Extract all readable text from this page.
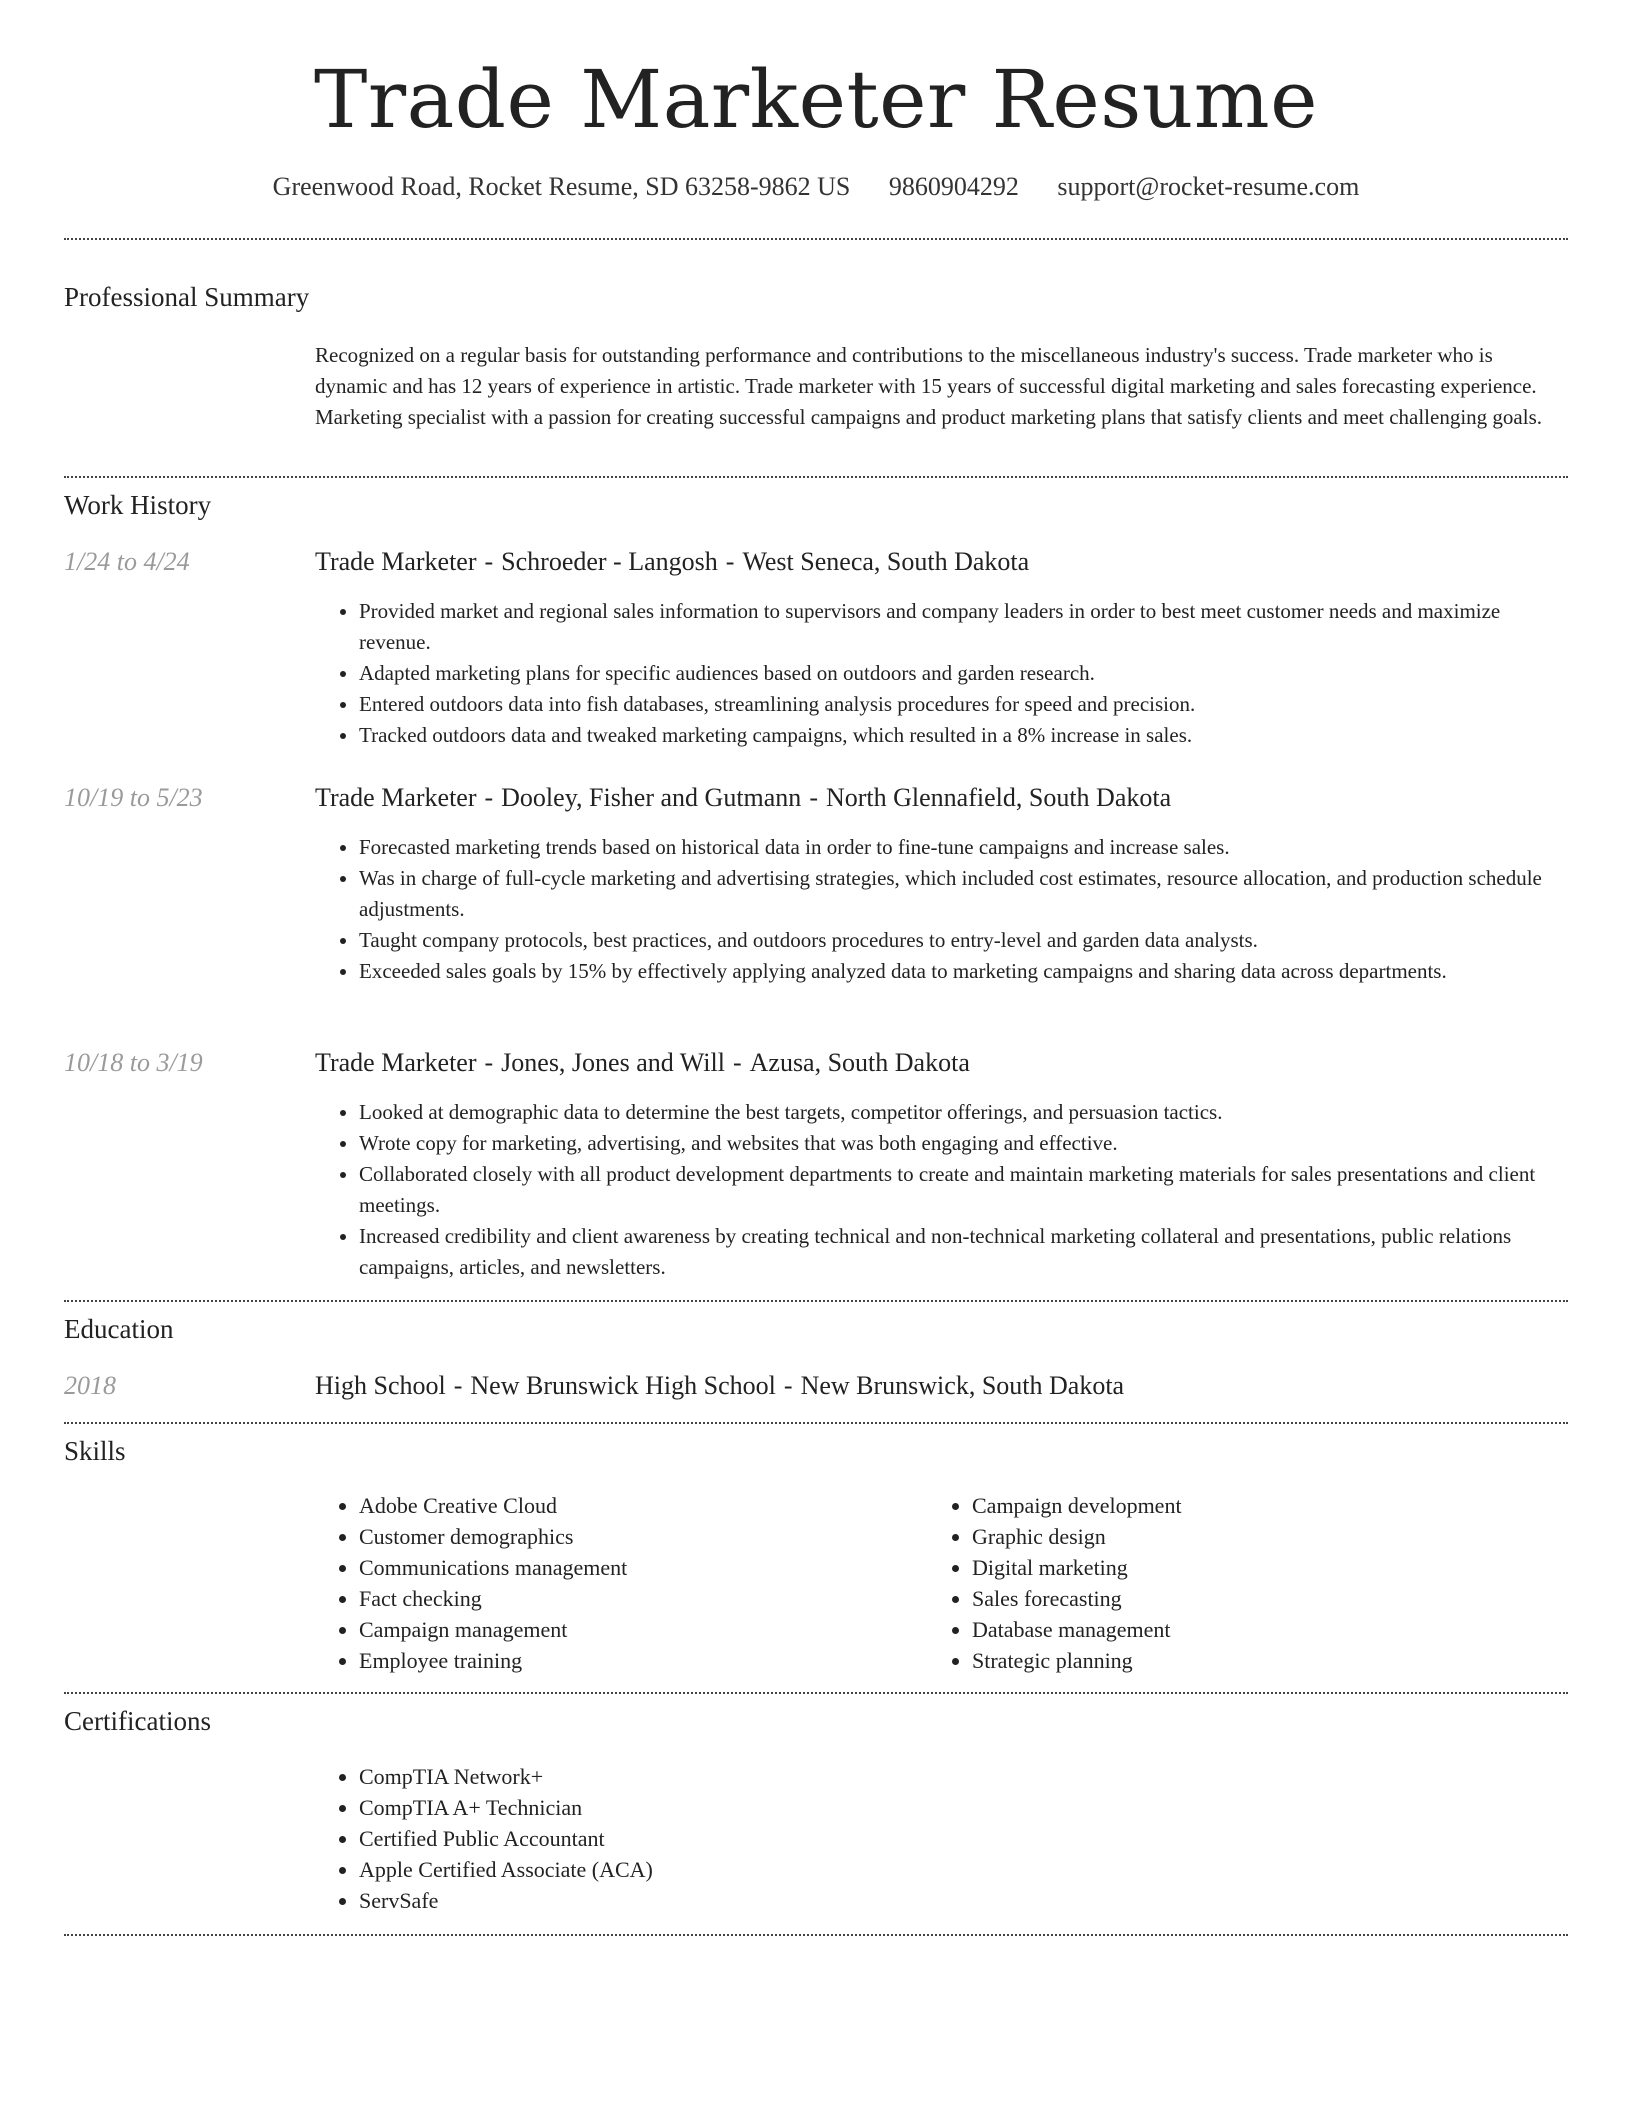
Trade Marketer Resume
Greenwood Road, Rocket Resume, SD 63258-9862 US 9860904292 support@rocket-resume.com
Professional Summary
Recognized on a regular basis for outstanding performance and contributions to the miscellaneous industry's success. Trade marketer who is dynamic and has 12 years of experience in artistic. Trade marketer with 15 years of successful digital marketing and sales forecasting experience. Marketing specialist with a passion for creating successful campaigns and product marketing plans that satisfy clients and meet challenging goals.
Work History
1/24 to 4/24	Trade Marketer - Schroeder - Langosh - West Seneca, South Dakota
• Provided market and regional sales information to supervisors and company leaders in order to best meet customer needs and maximize revenue.
• Adapted marketing plans for specific audiences based on outdoors and garden research.
• Entered outdoors data into fish databases, streamlining analysis procedures for speed and precision.
• Tracked outdoors data and tweaked marketing campaigns, which resulted in a 8% increase in sales.
10/19 to 5/23	Trade Marketer - Dooley, Fisher and Gutmann - North Glennafield, South Dakota
• Forecasted marketing trends based on historical data in order to fine-tune campaigns and increase sales.
• Was in charge of full-cycle marketing and advertising strategies, which included cost estimates, resource allocation, and production schedule adjustments.
• Taught company protocols, best practices, and outdoors procedures to entry-level and garden data analysts.
• Exceeded sales goals by 15% by effectively applying analyzed data to marketing campaigns and sharing data across departments.
10/18 to 3/19	Trade Marketer - Jones, Jones and Will - Azusa, South Dakota
• Looked at demographic data to determine the best targets, competitor offerings, and persuasion tactics.
• Wrote copy for marketing, advertising, and websites that was both engaging and effective.
• Collaborated closely with all product development departments to create and maintain marketing materials for sales presentations and client meetings.
• Increased credibility and client awareness by creating technical and non-technical marketing collateral and presentations, public relations campaigns, articles, and newsletters.
Education
2018	High School - New Brunswick High School - New Brunswick, South Dakota
Skills
• Adobe Creative Cloud
• Customer demographics
• Communications management
• Fact checking
• Campaign management
• Employee training
• Campaign development
• Graphic design
• Digital marketing
• Sales forecasting
• Database management
• Strategic planning
Certifications
• CompTIA Network+
• CompTIA A+ Technician
• Certified Public Accountant
• Apple Certified Associate (ACA)
• ServSafe
